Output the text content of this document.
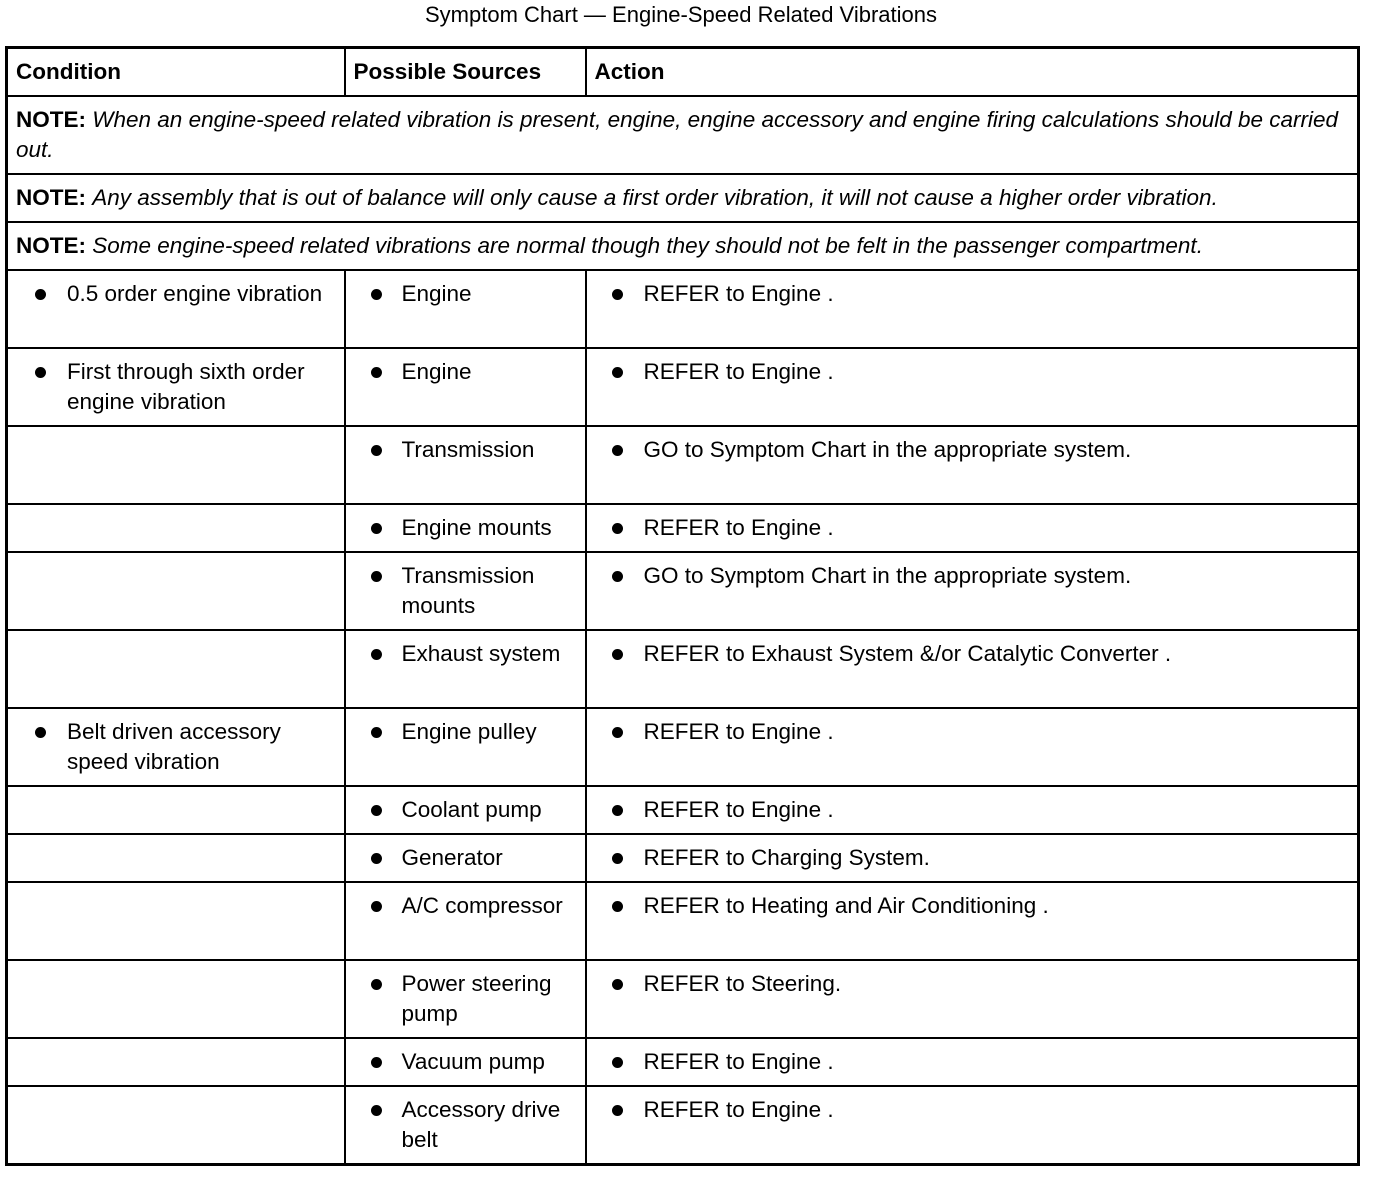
Symptom Chart — Engine-Speed Related Vibrations
Condition	Possible Sources	Action
NOTE: When an engine-speed related vibration is present, engine, engine accessory and engine firing calculations should be carried out.		
NOTE: Any assembly that is out of balance will only cause a first order vibration, it will not cause a higher order vibration.		
NOTE: Some engine-speed related vibrations are normal though they should not be felt in the passenger compartment.		

0.5 order engine vibration	Engine	REFER to Engine .

First through sixth order engine vibration	Engine	REFER to Engine .

	Transmission	GO to Symptom Chart in the appropriate system.

	Engine mounts	REFER to Engine .

	Transmission mounts	GO to Symptom Chart in the appropriate system.

	Exhaust system	REFER to Exhaust System &/or Catalytic Converter .

Belt driven accessory speed vibration	Engine pulley	REFER to Engine .

	Coolant pump	REFER to Engine .

	Generator	REFER to Charging System.

	A/C compressor	REFER to Heating and Air Conditioning .

	Power steering pump	REFER to Steering.

	Vacuum pump	REFER to Engine .

	Accessory drive belt	REFER to Engine .
